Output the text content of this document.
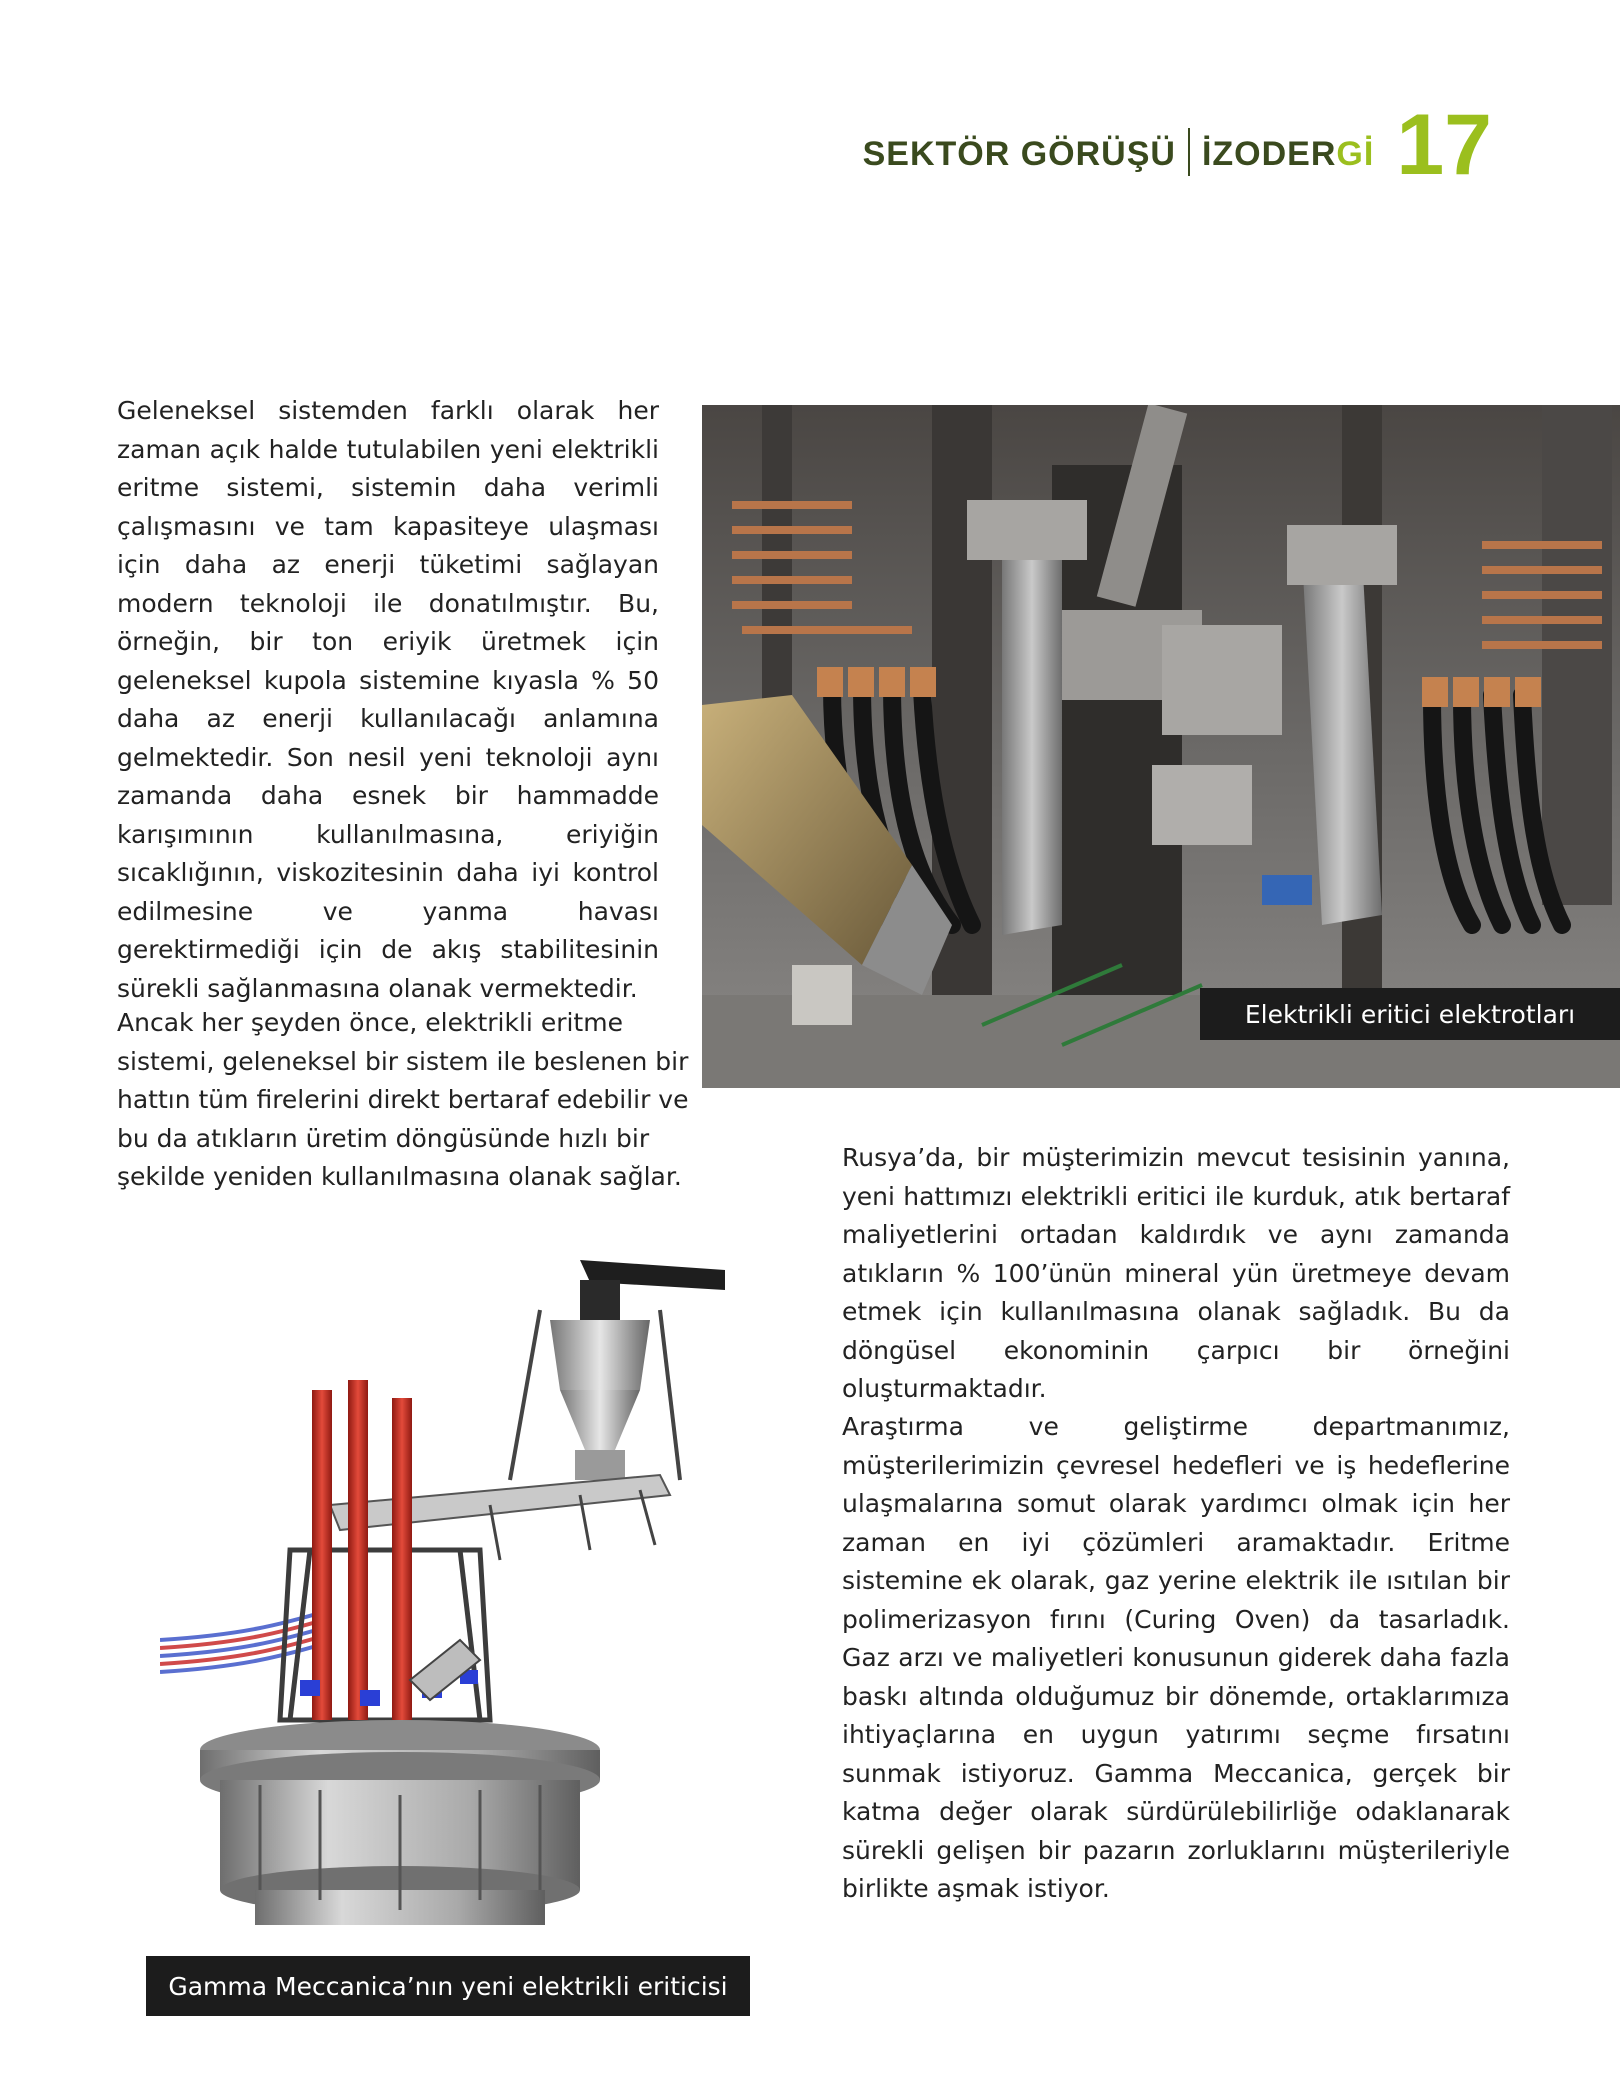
SEKTÖR GÖRÜŞÜ İZODERGİ 17

Geleneksel sistemden farklı olarak her zaman açık halde tutulabilen yeni elektrikli eritme sistemi, sistemin daha verimli çalışmasını ve tam kapasiteye ulaşması için daha az enerji tüketimi sağlayan modern teknoloji ile donatılmıştır. Bu, örneğin, bir ton eriyik üretmek için geleneksel kupola sistemine kıyasla % 50 daha az enerji kullanılacağı anlamına gelmektedir. Son nesil yeni teknoloji aynı zamanda daha esnek bir hammadde karışımının kullanılmasına, eriyiğin sıcaklığının, viskozitesinin daha iyi kontrol edilmesine ve yanma havası gerektirmediği için de akış stabilitesinin sürekli sağlanmasına olanak vermektedir.

Ancak her şeyden önce, elektrikli eritme sistemi, geleneksel bir sistem ile beslenen bir hattın tüm firelerini direkt bertaraf edebilir ve bu da atıkların üretim döngüsünde hızlı bir şekilde yeniden kullanılmasına olanak sağlar.

Elektrikli eritici elektrotları

Rusya’da, bir müşterimizin mevcut tesisinin yanına, yeni hattımızı elektrikli eritici ile kurduk, atık bertaraf maliyetlerini ortadan kaldırdık ve aynı zamanda atıkların % 100’ünün mineral yün üretmeye devam etmek için kullanılmasına olanak sağladık. Bu da döngüsel ekonominin çarpıcı bir örneğini oluşturmaktadır.

Araştırma ve geliştirme departmanımız, müşterilerimizin çevresel hedefleri ve iş hedeflerine ulaşmalarına somut olarak yardımcı olmak için her zaman en iyi çözümleri aramaktadır. Eritme sistemine ek olarak, gaz yerine elektrik ile ısıtılan bir polimerizasyon fırını (Curing Oven) da tasarladık. Gaz arzı ve maliyetleri konusunun giderek daha fazla baskı altında olduğumuz bir dönemde, ortaklarımıza ihtiyaçlarına en uygun yatırımı seçme fırsatını sunmak istiyoruz. Gamma Meccanica, gerçek bir katma değer olarak sürdürülebilirliğe odaklanarak sürekli gelişen bir pazarın zorluklarını müşterileriyle birlikte aşmak istiyor.

Gamma Meccanica’nın yeni elektrikli eriticisi
